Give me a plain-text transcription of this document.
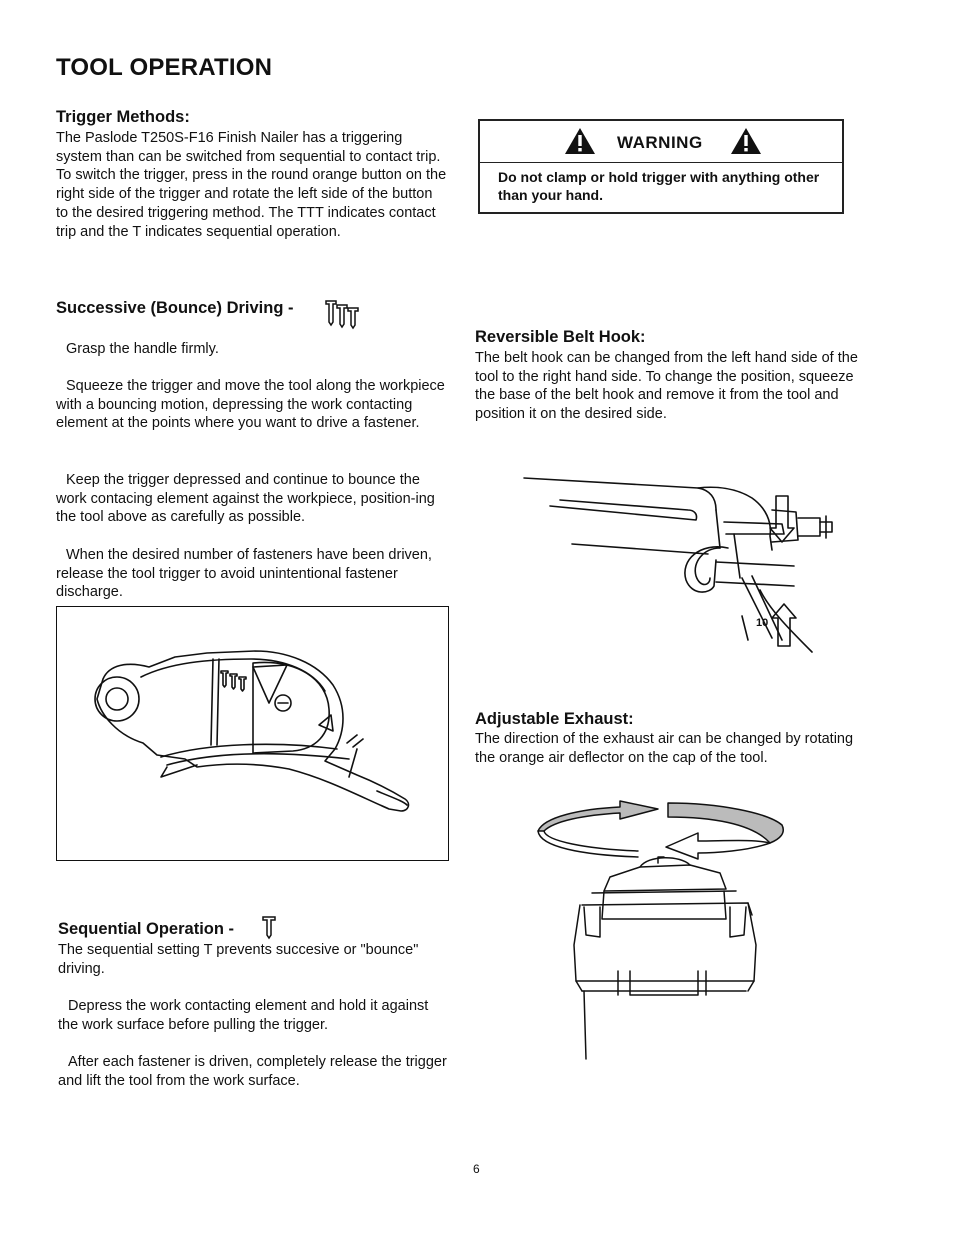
TOOL OPERATION
Trigger Methods:
The Paslode T250S-F16 Finish Nailer has a triggering system than can be switched from sequential to contact trip. To switch the trigger, press in the round orange button on the right side of the trigger and rotate the left side of the button to the desired triggering method. The TTT indicates contact trip and the T indicates sequential operation.
WARNING
Do not clamp or hold trigger with anything other than your hand.
Successive (Bounce) Driving -
Grasp the handle firmly.
Squeeze the trigger and move the tool along the workpiece with a bouncing motion, depressing the work contacting element at the points where you want to drive a fastener.
Keep the trigger depressed and continue to bounce the work contacing element against the workpiece, position-ing the tool above as carefully as possible.
When the desired number of fasteners have been driven, release the tool trigger to avoid unintentional fastener discharge.
Sequential Operation -
The sequential setting T prevents succesive or "bounce" driving.
Depress the work contacting element and hold it against the work surface before pulling the trigger.
After each fastener is driven, completely release the trigger and lift the tool from the work surface.
Reversible Belt Hook:
The belt hook can be changed from the left hand side of the tool to the right hand side. To change the position, squeeze the base of the belt hook and remove it from the tool and position it on the desired side.
10
Adjustable Exhaust:
The direction of the exhaust air can be changed by rotating the orange air deflector on the cap of the tool.
6
